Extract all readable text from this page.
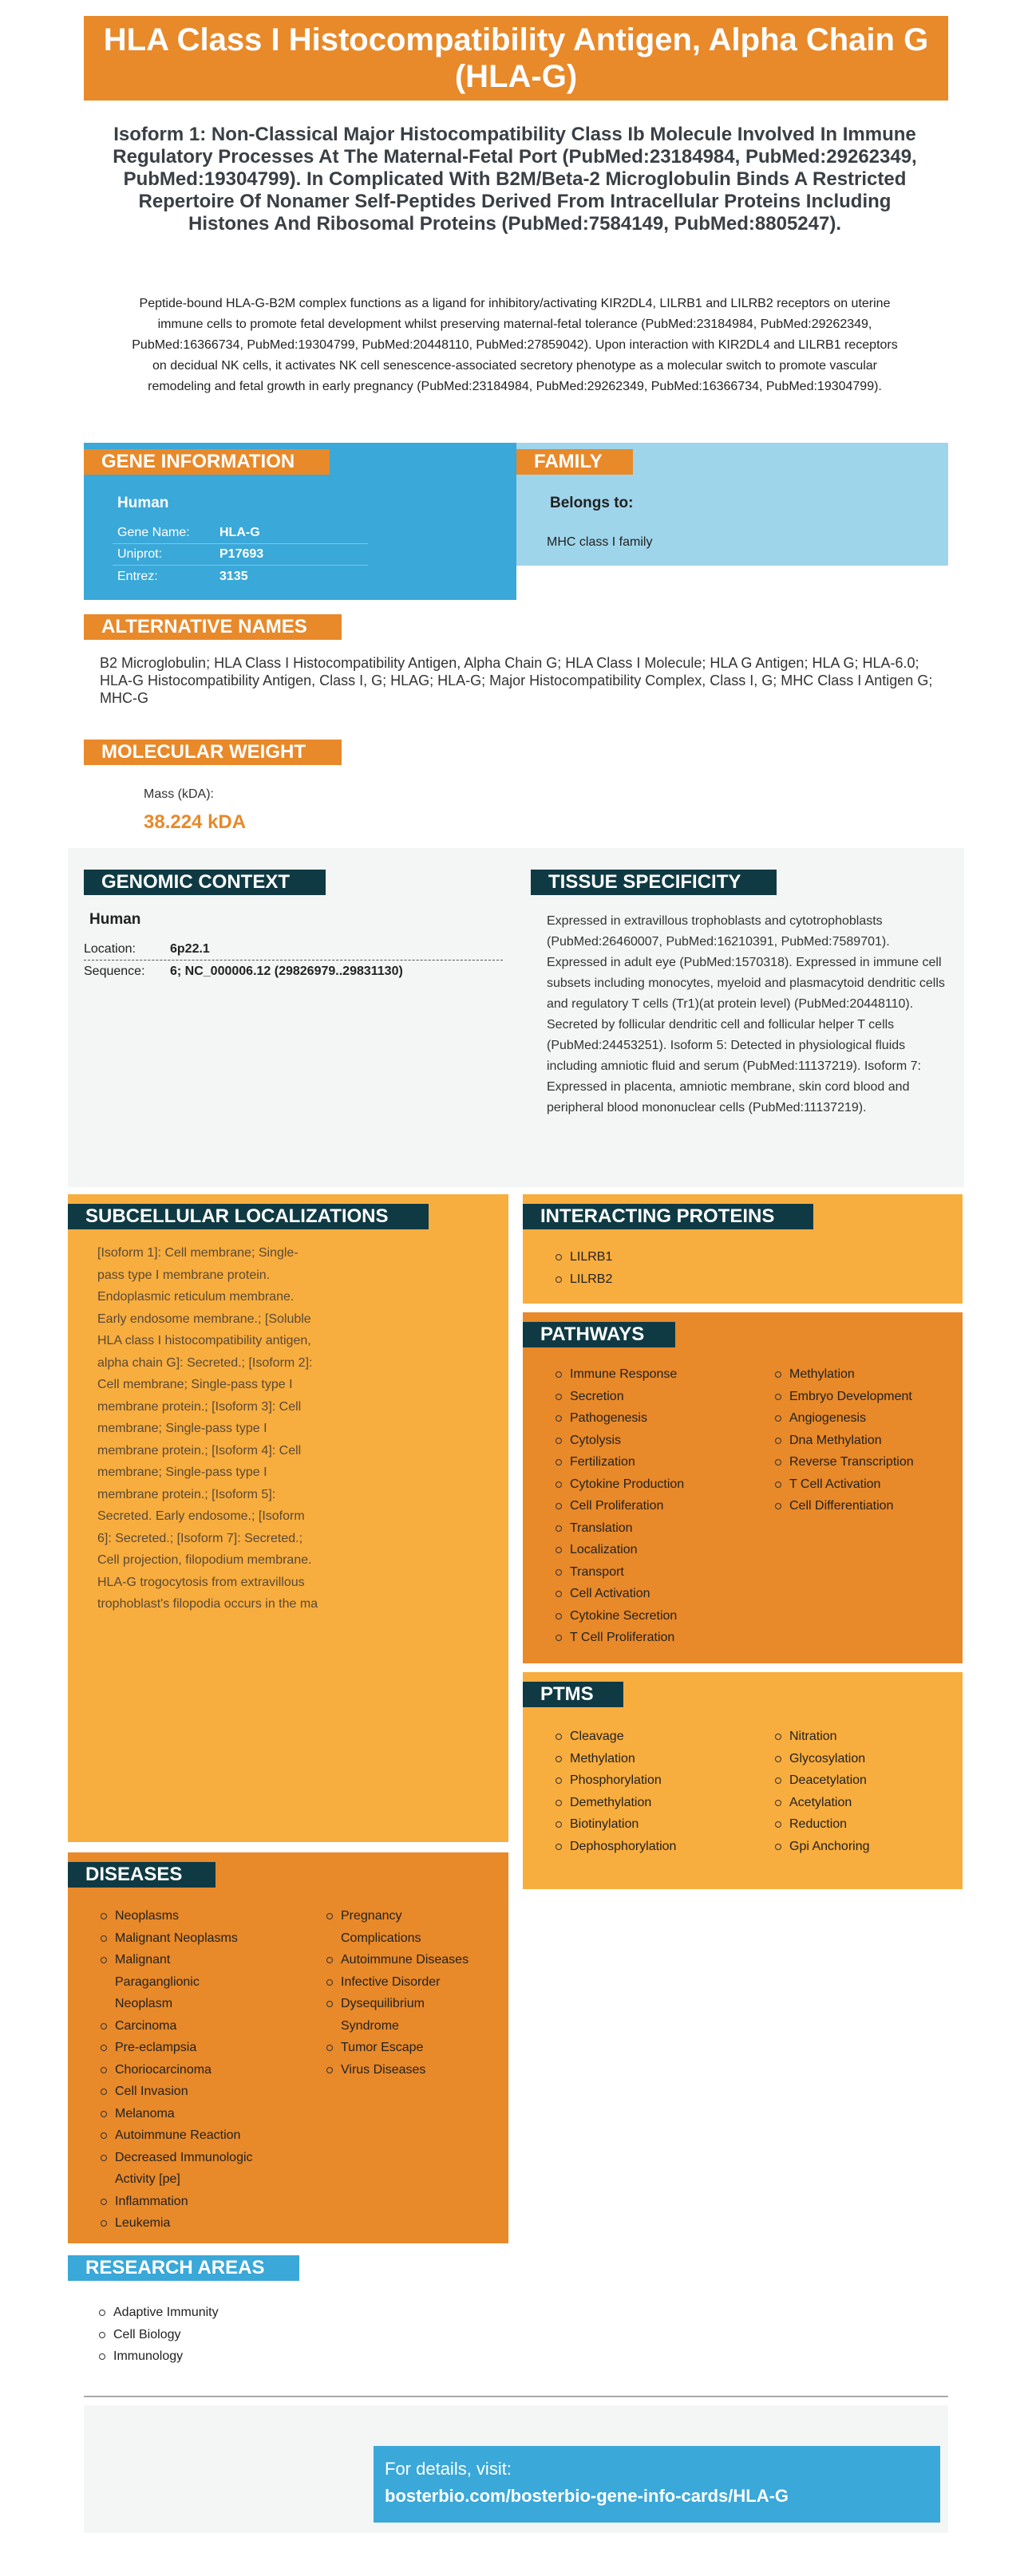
HLA Class I Histocompatibility Antigen, Alpha Chain G (HLA-G)
Isoform 1: Non-Classical Major Histocompatibility Class Ib Molecule Involved In Immune Regulatory Processes At The Maternal-Fetal Port (PubMed:23184984, PubMed:29262349, PubMed:19304799). In Complicated With B2M/Beta-2 Microglobulin Binds A Restricted Repertoire Of Nonamer Self-Peptides Derived From Intracellular Proteins Including Histones And Ribosomal Proteins (PubMed:7584149, PubMed:8805247).
Peptide-bound HLA-G-B2M complex functions as a ligand for inhibitory/activating KIR2DL4, LILRB1 and LILRB2 receptors on uterine immune cells to promote fetal development whilst preserving maternal-fetal tolerance (PubMed:23184984, PubMed:29262349, PubMed:16366734, PubMed:19304799, PubMed:20448110, PubMed:27859042). Upon interaction with KIR2DL4 and LILRB1 receptors on decidual NK cells, it activates NK cell senescence-associated secretory phenotype as a molecular switch to promote vascular remodeling and fetal growth in early pregnancy (PubMed:23184984, PubMed:29262349, PubMed:16366734, PubMed:19304799).
GENE INFORMATION
Human
Gene Name:	HLA-G
Uniprot:	P17693
Entrez:	3135
FAMILY
Belongs to:
MHC class I family
ALTERNATIVE NAMES
B2 Microglobulin; HLA Class I Histocompatibility Antigen, Alpha Chain G; HLA Class I Molecule; HLA G Antigen; HLA G; HLA-6.0; HLA-G Histocompatibility Antigen, Class I, G; HLAG; HLA-G; Major Histocompatibility Complex, Class I, G; MHC Class I Antigen G; MHC-G
MOLECULAR WEIGHT
Mass (kDA):
38.224 kDA
GENOMIC CONTEXT
Human
Location:	6p22.1
Sequence:	6; NC_000006.12 (29826979..29831130)
TISSUE SPECIFICITY
Expressed in extravillous trophoblasts and cytotrophoblasts (PubMed:26460007, PubMed:16210391, PubMed:7589701). Expressed in adult eye (PubMed:1570318). Expressed in immune cell subsets including monocytes, myeloid and plasmacytoid dendritic cells and regulatory T cells (Tr1)(at protein level) (PubMed:20448110). Secreted by follicular dendritic cell and follicular helper T cells (PubMed:24453251). Isoform 5: Detected in physiological fluids including amniotic fluid and serum (PubMed:11137219). Isoform 7: Expressed in placenta, amniotic membrane, skin cord blood and peripheral blood mononuclear cells (PubMed:11137219).
SUBCELLULAR LOCALIZATIONS
[Isoform 1]: Cell membrane; Single-pass type I membrane protein. Endoplasmic reticulum membrane. Early endosome membrane.; [Soluble HLA class I histocompatibility antigen, alpha chain G]: Secreted.; [Isoform 2]: Cell membrane; Single-pass type I membrane protein.; [Isoform 3]: Cell membrane; Single-pass type I membrane protein.; [Isoform 4]: Cell membrane; Single-pass type I membrane protein.; [Isoform 5]: Secreted. Early endosome.; [Isoform 6]: Secreted.; [Isoform 7]: Secreted.; Cell projection, filopodium membrane. HLA-G trogocytosis from extravillous trophoblast's filopodia occurs in the ma
INTERACTING PROTEINS
LILRB1
LILRB2
PATHWAYS
Immune Response
Secretion
Pathogenesis
Cytolysis
Fertilization
Cytokine Production
Cell Proliferation
Translation
Localization
Transport
Cell Activation
Cytokine Secretion
T Cell Proliferation
Methylation
Embryo Development
Angiogenesis
Dna Methylation
Reverse Transcription
T Cell Activation
Cell Differentiation
PTMS
Cleavage
Methylation
Phosphorylation
Demethylation
Biotinylation
Dephosphorylation
Nitration
Glycosylation
Deacetylation
Acetylation
Reduction
Gpi Anchoring
DISEASES
Neoplasms
Malignant Neoplasms
Malignant Paraganglionic Neoplasm
Carcinoma
Pre-eclampsia
Choriocarcinoma
Cell Invasion
Melanoma
Autoimmune Reaction
Decreased Immunologic Activity [pe]
Inflammation
Leukemia
Pregnancy Complications
Autoimmune Diseases
Infective Disorder
Dysequilibrium Syndrome
Tumor Escape
Virus Diseases
RESEARCH AREAS
Adaptive Immunity
Cell Biology
Immunology
For details, visit:
bosterbio.com/bosterbio-gene-info-cards/HLA-G
